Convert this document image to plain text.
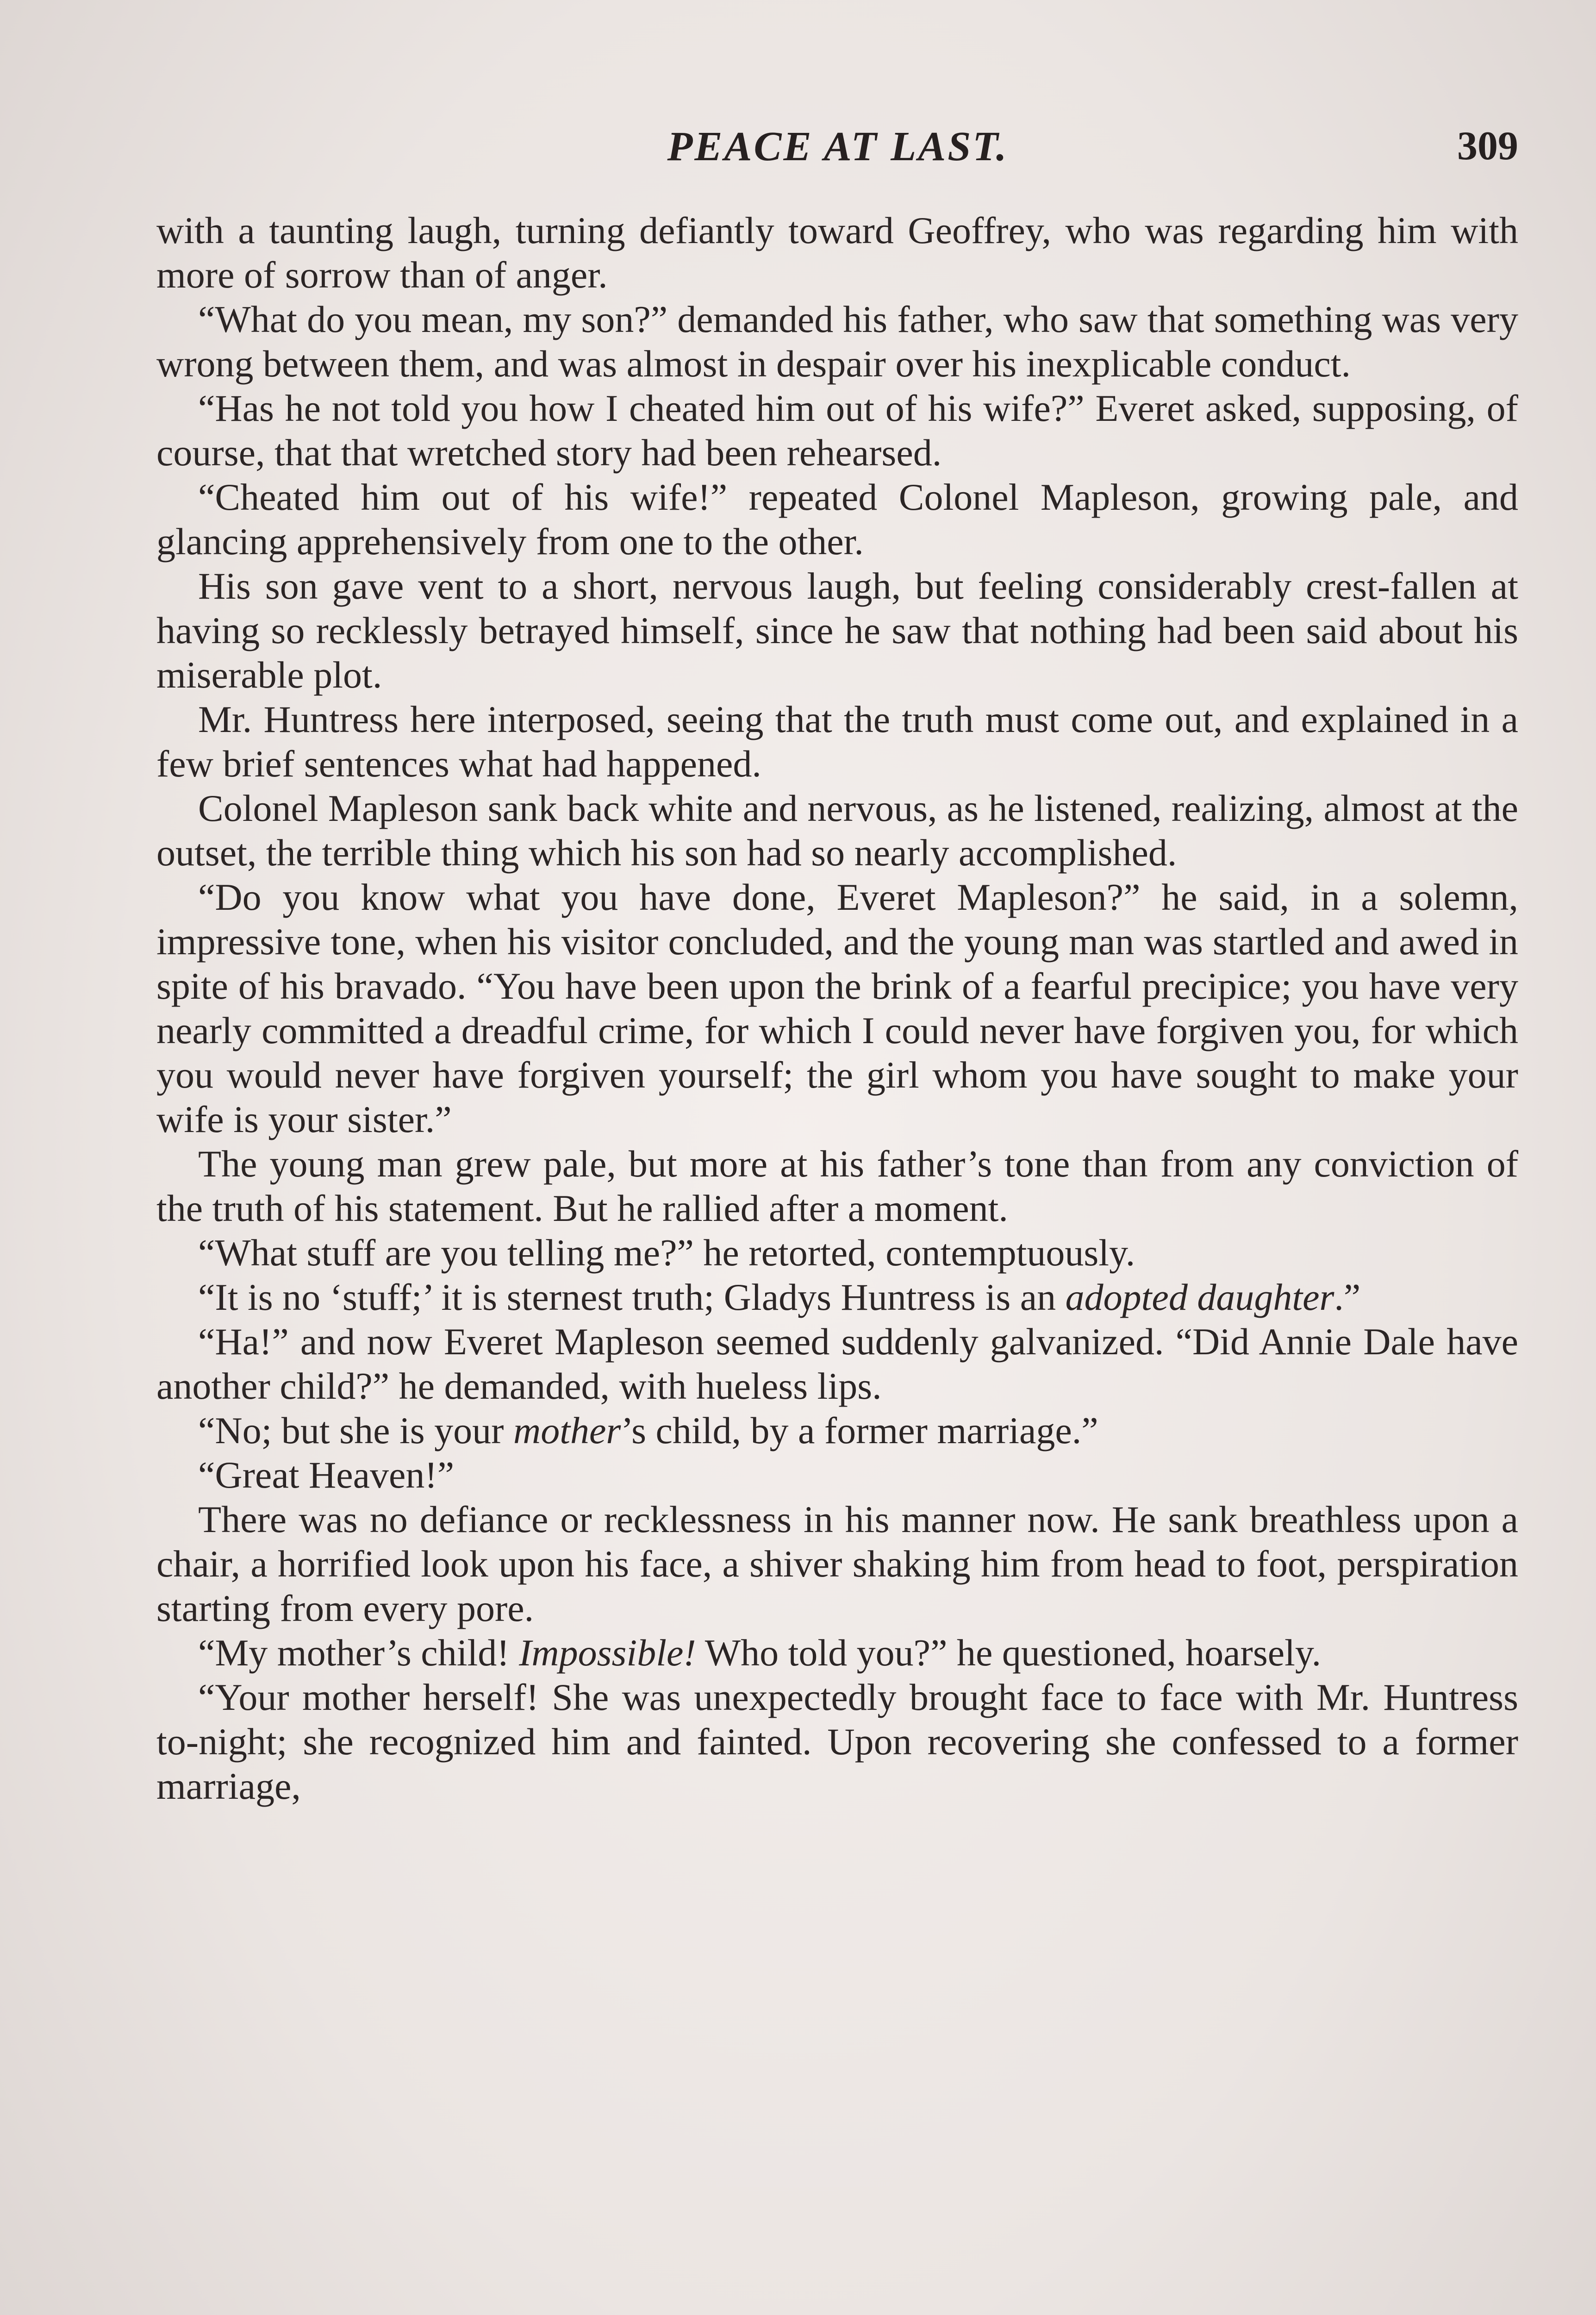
PEACE AT LAST.	309

with a taunting laugh, turning defiantly toward Geoffrey, who was regarding him with more of sorrow than of anger.

“What do you mean, my son?” demanded his father, who saw that something was very wrong between them, and was almost in despair over his inexplicable conduct.

“Has he not told you how I cheated him out of his wife?” Everet asked, supposing, of course, that that wretched story had been rehearsed.

“Cheated him out of his wife!” repeated Colonel Mapleson, growing pale, and glancing apprehensively from one to the other.

His son gave vent to a short, nervous laugh, but feeling considerably crest-fallen at having so recklessly betrayed himself, since he saw that nothing had been said about his miserable plot.

Mr. Huntress here interposed, seeing that the truth must come out, and explained in a few brief sentences what had happened.

Colonel Mapleson sank back white and nervous, as he listened, realizing, almost at the outset, the terrible thing which his son had so nearly accomplished.

“Do you know what you have done, Everet Mapleson?” he said, in a solemn, impressive tone, when his visitor concluded, and the young man was startled and awed in spite of his bravado. “You have been upon the brink of a fearful precipice; you have very nearly committed a dreadful crime, for which I could never have forgiven you, for which you would never have forgiven yourself; the girl whom you have sought to make your wife is your sister.”

The young man grew pale, but more at his father’s tone than from any conviction of the truth of his statement. But he rallied after a moment.

“What stuff are you telling me?” he retorted, contemptuously.

“It is no ‘stuff;’ it is sternest truth; Gladys Huntress is an adopted daughter.”

“Ha!” and now Everet Mapleson seemed suddenly galvanized. “Did Annie Dale have another child?” he demanded, with hueless lips.

“No; but she is your mother’s child, by a former marriage.”

“Great Heaven!”

There was no defiance or recklessness in his manner now. He sank breathless upon a chair, a horrified look upon his face, a shiver shaking him from head to foot, perspiration starting from every pore.

“My mother’s child! Impossible! Who told you?” he questioned, hoarsely.

“Your mother herself! She was unexpectedly brought face to face with Mr. Huntress to-night; she recognized him and fainted. Upon recovering she confessed to a former marriage,
